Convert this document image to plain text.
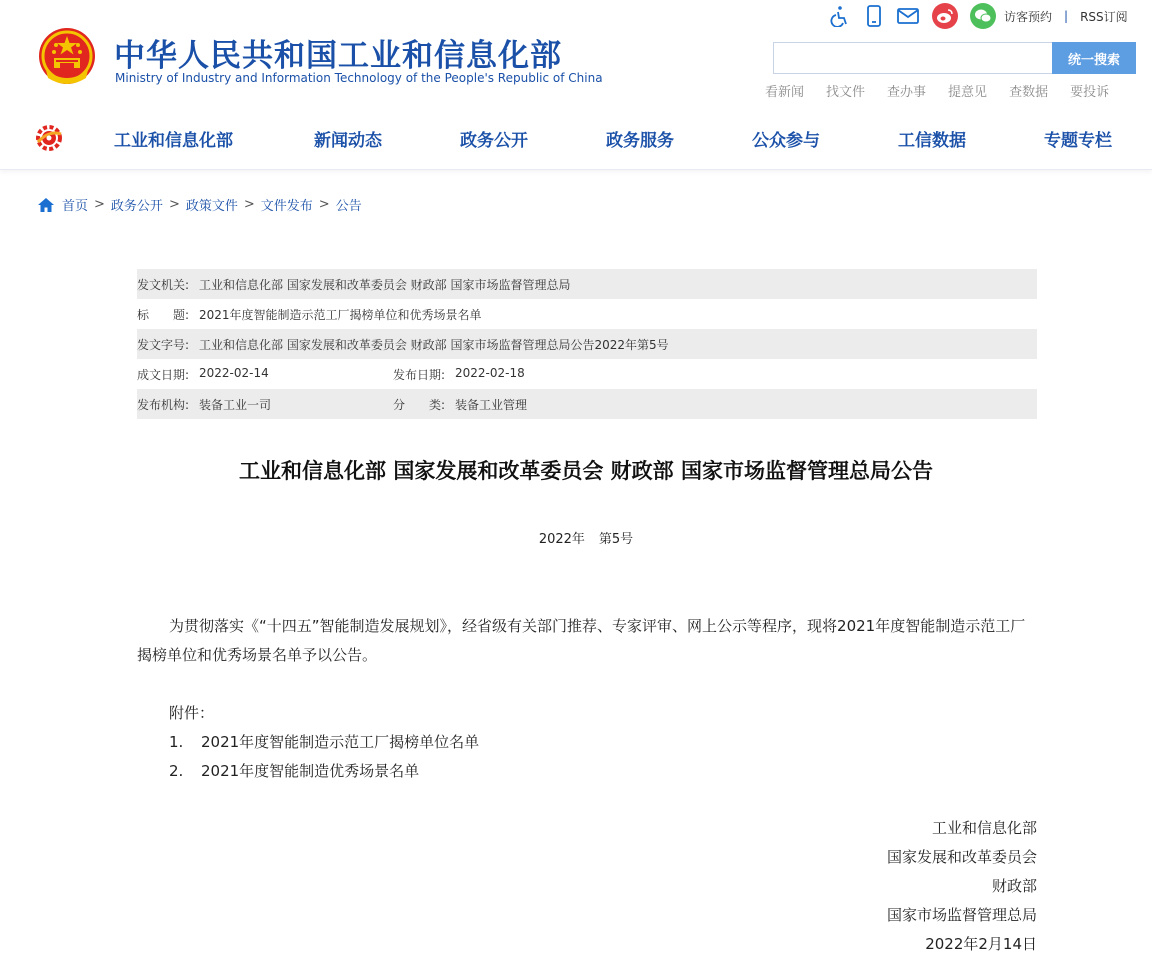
中华人民共和国工业和信息化部
Ministry of Industry and Information Technology of the People's Republic of China
访客预约 | RSS订阅
统一搜索
看新闻 找文件 查办事 提意见 查数据 要投诉
工业和信息化部	新闻动态	政务公开	政务服务	公众参与	工信数据	专题专栏
首页 > 政务公开 > 政策文件 > 文件发布 > 公告
发文机关: 工业和信息化部 国家发展和改革委员会 财政部 国家市场监督管理总局
标　　题: 2021年度智能制造示范工厂揭榜单位和优秀场景名单
发文字号: 工业和信息化部 国家发展和改革委员会 财政部 国家市场监督管理总局公告2022年第5号
成文日期: 2022-02-14	发布日期: 2022-02-18
发布机构: 装备工业一司	分　　类: 装备工业管理
工业和信息化部 国家发展和改革委员会 财政部 国家市场监督管理总局公告
2022年 第5号
为贯彻落实《“十四五”智能制造发展规划》，经省级有关部门推荐、专家评审、网上公示等程序，现将2021年度智能制造示范工厂揭榜单位和优秀场景名单予以公告。
附件：
1. 2021年度智能制造示范工厂揭榜单位名单
2. 2021年度智能制造优秀场景名单
工业和信息化部
国家发展和改革委员会
财政部
国家市场监督管理总局
2022年2月14日
